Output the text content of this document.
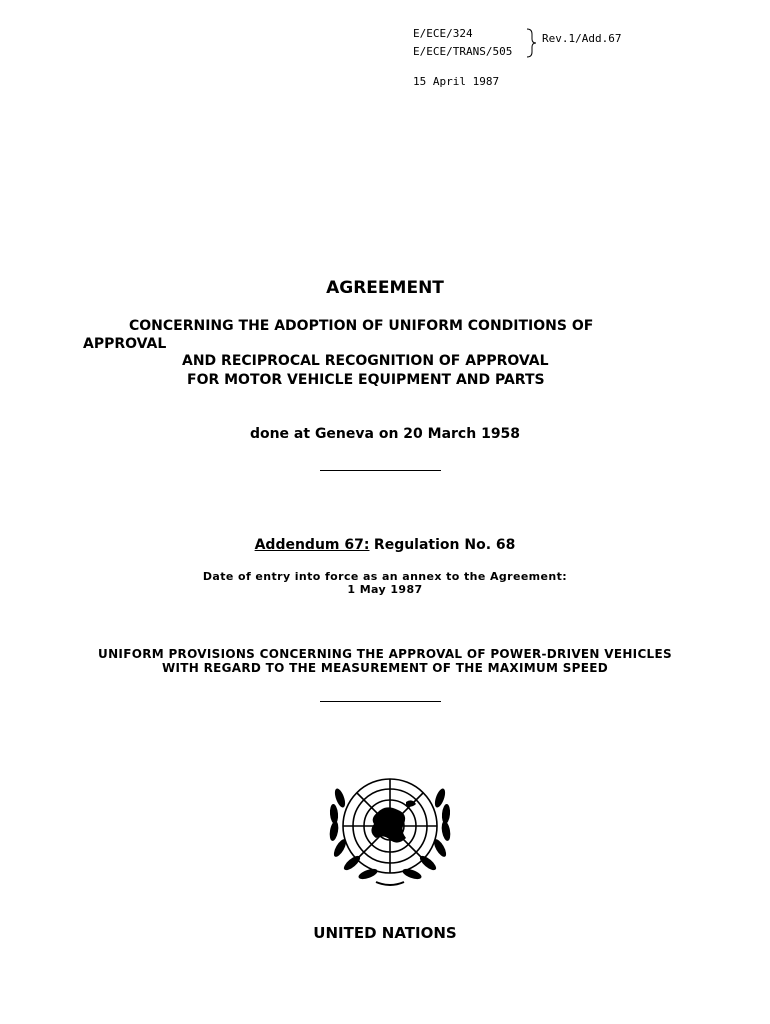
E/ECE/324
E/ECE/TRANS/505
Rev.1/Add.67
15 April 1987
AGREEMENT
CONCERNING THE ADOPTION OF UNIFORM CONDITIONS OF
APPROVAL
AND RECIPROCAL RECOGNITION OF APPROVAL
FOR MOTOR VEHICLE EQUIPMENT AND PARTS
done at Geneva on 20 March 1958
Addendum 67: Regulation No. 68
Date of entry into force as an annex to the Agreement:
1 May 1987
UNIFORM PROVISIONS CONCERNING THE APPROVAL OF POWER-DRIVEN VEHICLES
WITH REGARD TO THE MEASUREMENT OF THE MAXIMUM SPEED
UNITED NATIONS
